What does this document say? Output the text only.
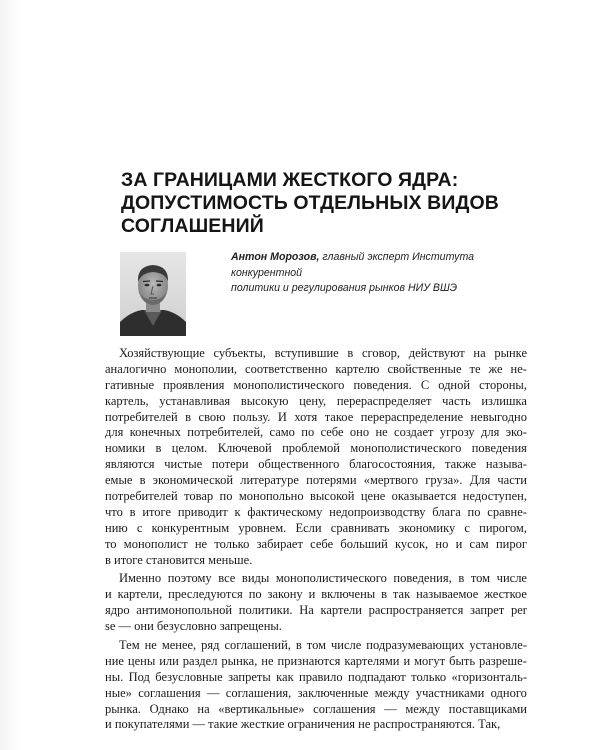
ЗА ГРАНИЦАМИ ЖЕСТКОГО ЯДРА:
ДОПУСТИМОСТЬ ОТДЕЛЬНЫХ ВИДОВ
СОГЛАШЕНИЙ
Антон Морозов, главный эксперт Института конкурентной
политики и регулирования рынков НИУ ВШЭ
Хозяйствующие субъекты, вступившие в сговор, действуют на рынке
аналогично монополии, соответственно картелю свойственные те же не-
гативные проявления монополистического поведения. С одной стороны,
картель, устанавливая высокую цену, перераспределяет часть излишка
потребителей в свою пользу. И хотя такое перераспределение невыгодно
для конечных потребителей, само по себе оно не создает угрозу для эко-
номики в целом. Ключевой проблемой монополистического поведения
являются чистые потери общественного благосостояния, также называ-
емые в экономической литературе потерями «мертвого груза». Для части
потребителей товар по монопольно высокой цене оказывается недоступен,
что в итоге приводит к фактическому недопроизводству блага по сравне-
нию с конкурентным уровнем. Если сравнивать экономику с пирогом,
то монополист не только забирает себе больший кусок, но и сам пирог
в итоге становится меньше.
Именно поэтому все виды монополистического поведения, в том числе
и картели, преследуются по закону и включены в так называемое жесткое
ядро антимонопольной политики. На картели распространяется запрет per
se — они безусловно запрещены.
Тем не менее, ряд соглашений, в том числе подразумевающих установле-
ние цены или раздел рынка, не признаются картелями и могут быть разреше-
ны. Под безусловные запреты как правило подпадают только «горизонталь-
ные» соглашения — соглашения, заключенные между участниками одного
рынка. Однако на «вертикальные» соглашения — между поставщиками
и покупателями — такие жесткие ограничения не распространяются. Так,
